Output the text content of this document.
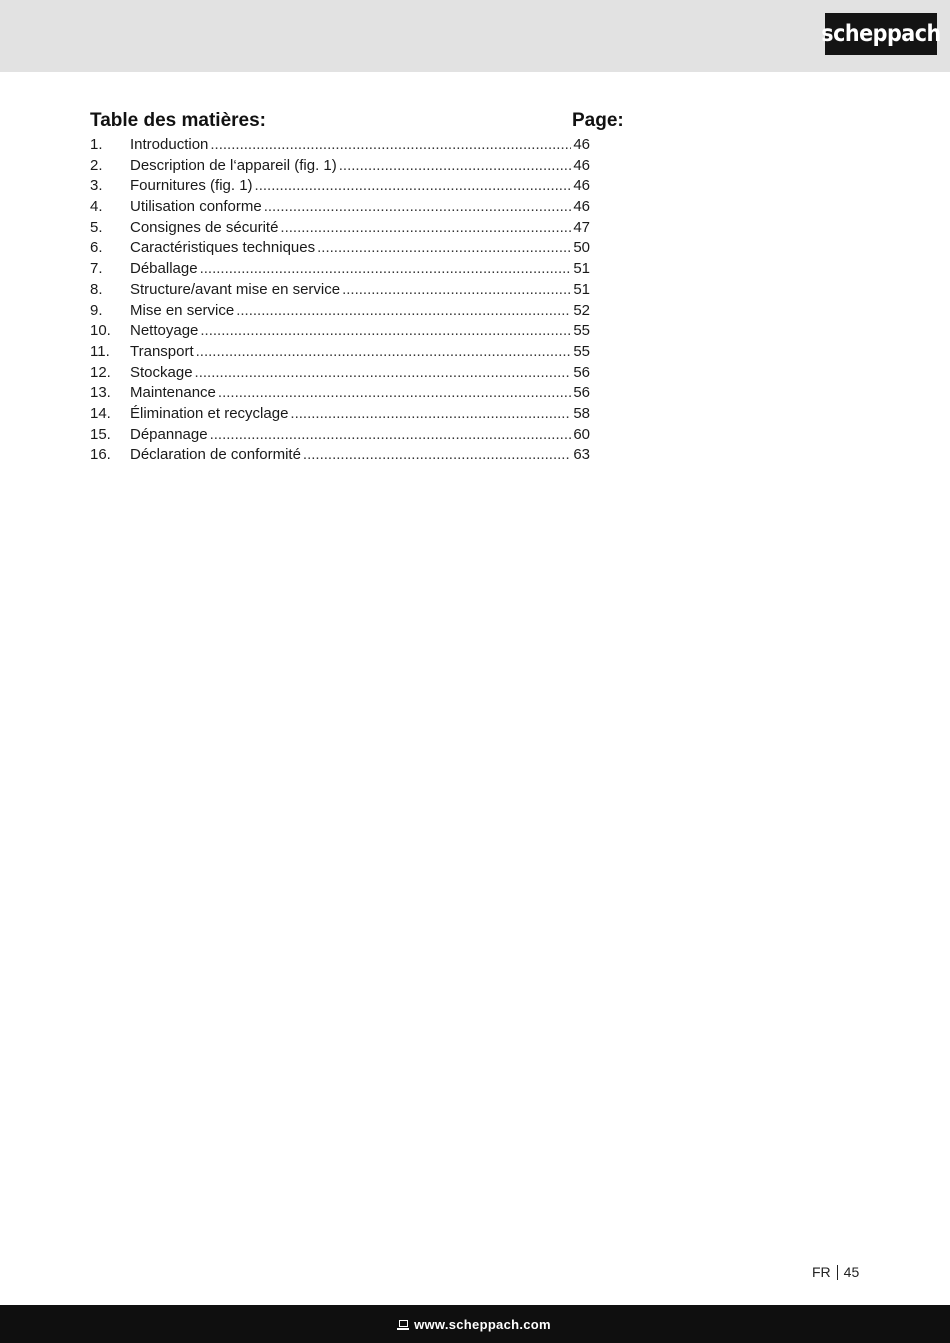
scheppach
Table des matières:	Page:
1.	Introduction .....	46
2.	Description de l‘appareil (fig. 1) .....	46
3.	Fournitures (fig. 1) .....	46
4.	Utilisation conforme .....	46
5.	Consignes de sécurité .....	47
6.	Caractéristiques techniques .....	50
7.	Déballage .....	51
8.	Structure/avant mise en service .....	51
9.	Mise en service .....	52
10.	Nettoyage .....	55
11.	Transport .....	55
12.	Stockage .....	56
13.	Maintenance .....	56
14.	Élimination et recyclage .....	58
15.	Dépannage .....	60
16.	Déclaration de conformité .....	63
FR 45
www.scheppach.com
